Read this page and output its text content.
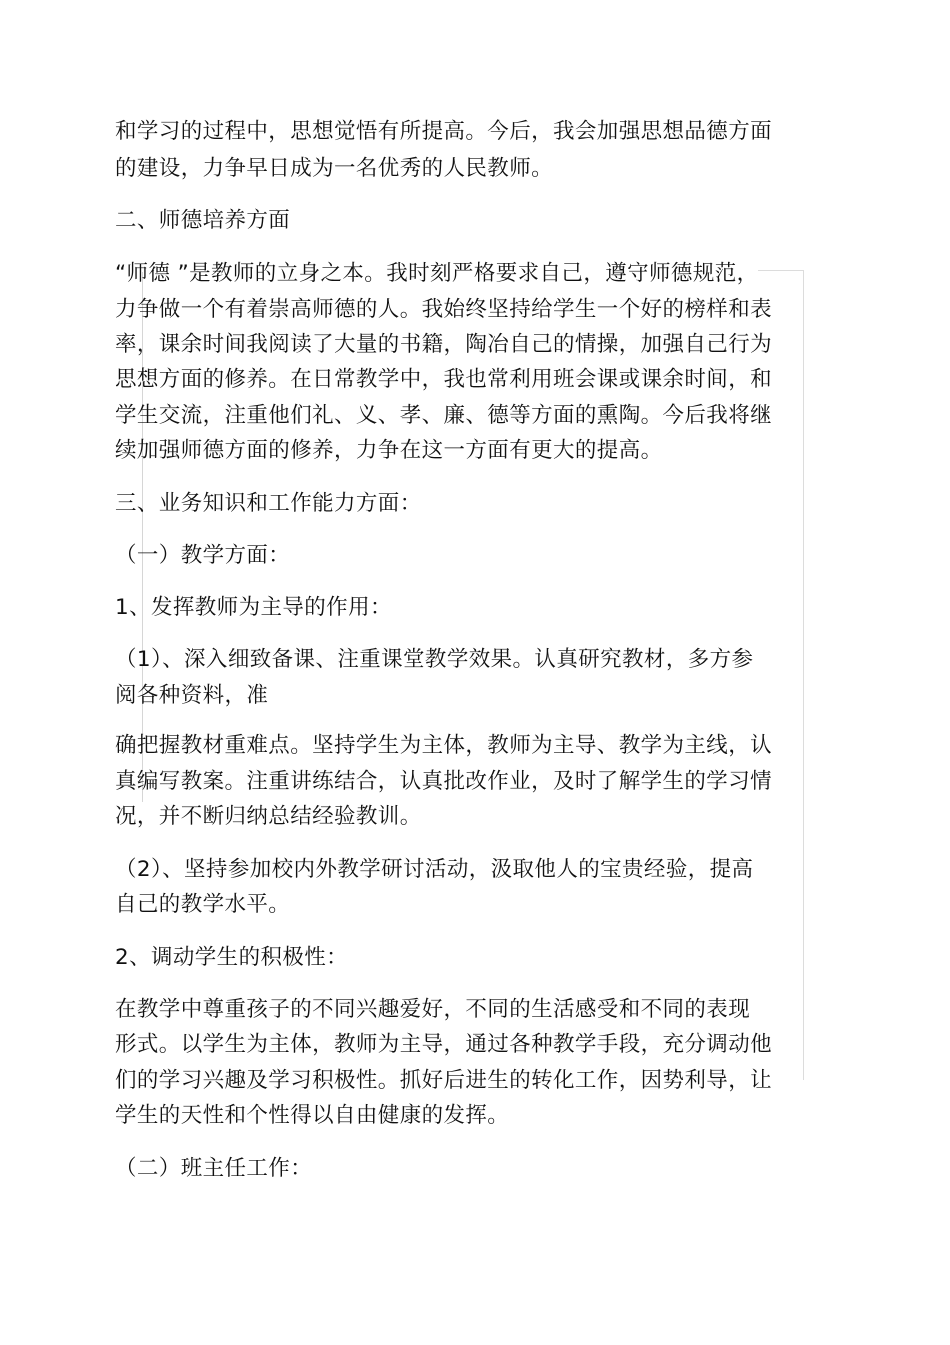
和学习的过程中，思想觉悟有所提高。今后，我会加强思想品德方面
的建设，力争早日成为一名优秀的人民教师。
二、师德培养方面
“师德 ”是教师的立身之本。我时刻严格要求自己，遵守师德规范，
力争做一个有着崇高师德的人。我始终坚持给学生一个好的榜样和表
率，课余时间我阅读了大量的书籍，陶冶自己的情操，加强自己行为
思想方面的修养。在日常教学中，我也常利用班会课或课余时间，和
学生交流，注重他们礼、义、孝、廉、德等方面的熏陶。今后我将继
续加强师德方面的修养，力争在这一方面有更大的提高。
三、业务知识和工作能力方面：
（一）教学方面：
1、发挥教师为主导的作用：
（1）、深入细致备课、注重课堂教学效果。认真研究教材，多方参
阅各种资料，准
确把握教材重难点。坚持学生为主体，教师为主导、教学为主线，认
真编写教案。注重讲练结合，认真批改作业，及时了解学生的学习情
况，并不断归纳总结经验教训。
（2）、坚持参加校内外教学研讨活动，汲取他人的宝贵经验，提高
自己的教学水平。
2、调动学生的积极性：
在教学中尊重孩子的不同兴趣爱好，不同的生活感受和不同的表现
形式。以学生为主体，教师为主导，通过各种教学手段，充分调动他
们的学习兴趣及学习积极性。抓好后进生的转化工作，因势利导，让
学生的天性和个性得以自由健康的发挥。
（二）班主任工作：
